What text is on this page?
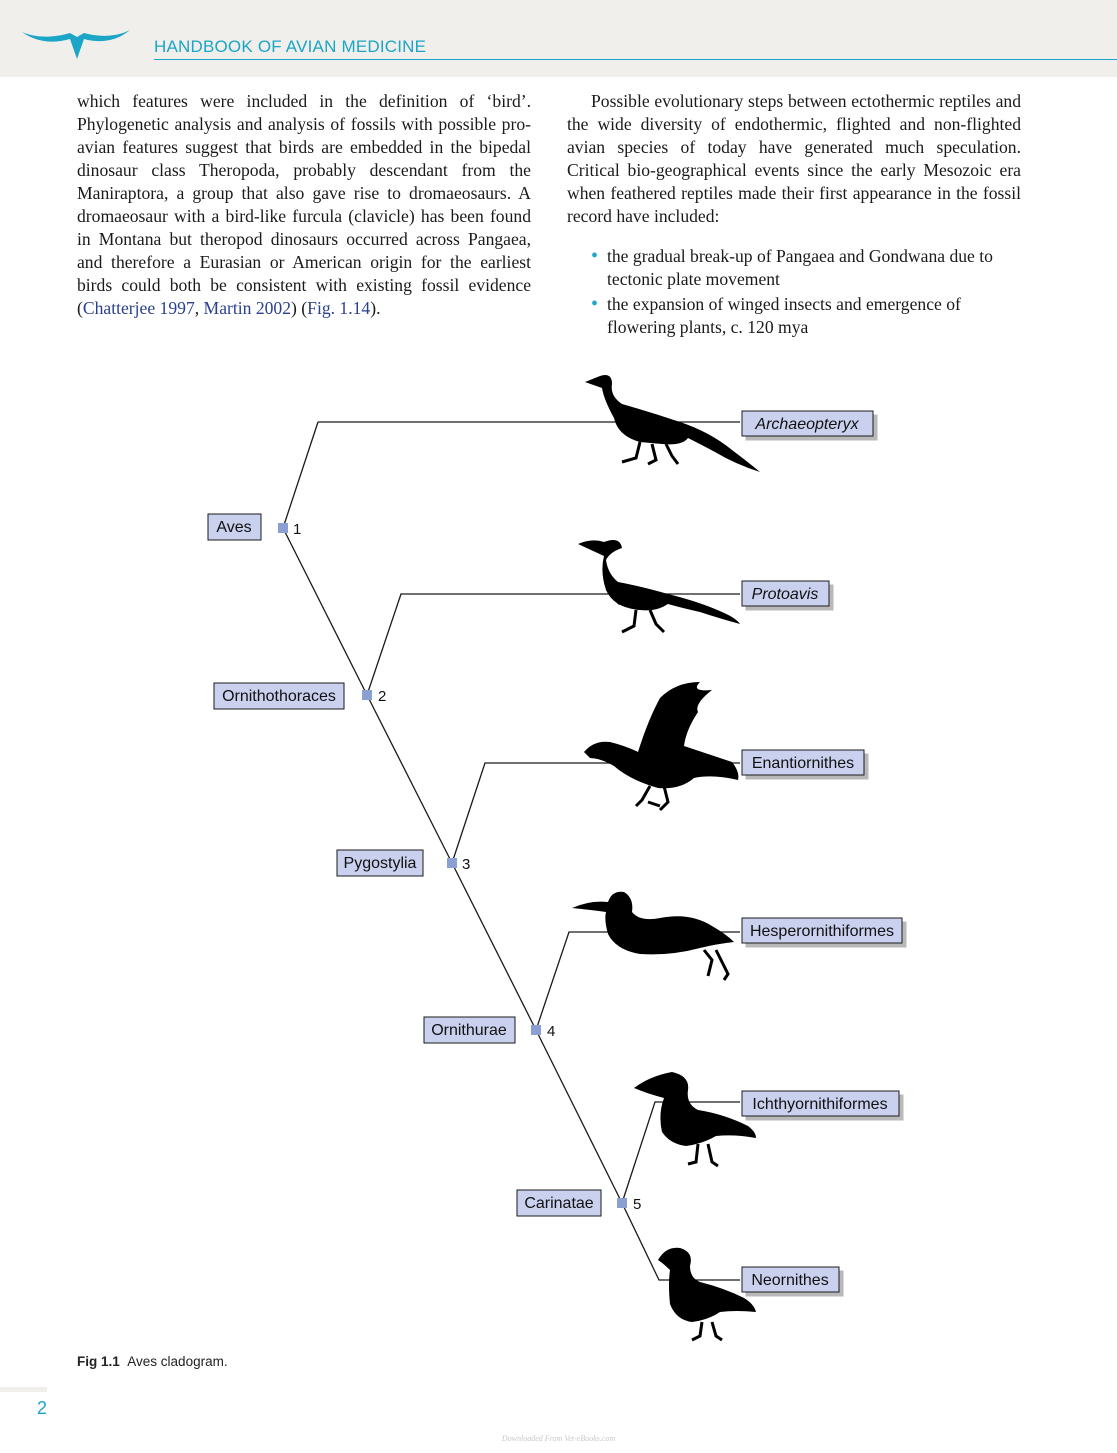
HANDBOOK OF AVIAN MEDICINE

which features were included in the definition of ‘bird’. Phylogenetic analysis and analysis of fossils with possible pro-avian features suggest that birds are embedded in the bipedal dinosaur class Theropoda, probably descendant from the Maniraptora, a group that also gave rise to dromaeosaurs. A dromaeosaur with a bird-like furcula (clavicle) has been found in Montana but theropod dinosaurs occurred across Pangaea, and therefore a Eurasian or American origin for the earliest birds could both be consistent with existing fossil evidence (Chatterjee 1997, Martin 2002) (Fig. 1.14).

Possible evolutionary steps between ectothermic reptiles and the wide diversity of endothermic, flighted and non-flighted avian species of today have generated much speculation. Critical bio-geographical events since the early Mesozoic era when feathered reptiles made their first appearance in the fossil record have included:

• the gradual break-up of Pangaea and Gondwana due to tectonic plate movement
• the expansion of winged insects and emergence of flowering plants, c. 120 mya
1
2
3
4
5
Aves
Ornithothoraces
Pygostylia
Ornithurae
Carinatae
Archaeopteryx
Protoavis
Enantiornithes
Hesperornithiformes
Ichthyornithiformes
Neornithes
Fig 1.1 Aves cladogram.
2
Downloaded From Vet-eBooks.com
